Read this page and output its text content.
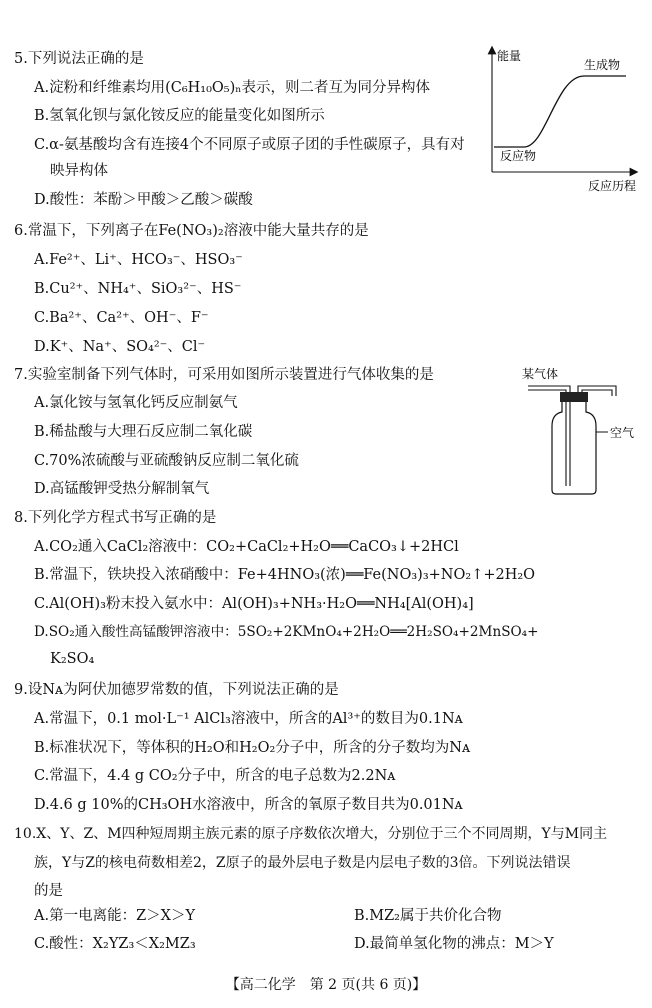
5.下列说法正确的是
A.淀粉和纤维素均用(C₆H₁₀O₅)ₙ表示，则二者互为同分异构体
B.氢氧化钡与氯化铵反应的能量变化如图所示
C.α-氨基酸均含有连接4个不同原子或原子团的手性碳原子，具有对
映异构体
D.酸性：苯酚＞甲酸＞乙酸＞碳酸
能量
生成物
反应物
反应历程
6.常温下，下列离子在Fe(NO₃)₂溶液中能大量共存的是
A.Fe²⁺、Li⁺、HCO₃⁻、HSO₃⁻
B.Cu²⁺、NH₄⁺、SiO₃²⁻、HS⁻
C.Ba²⁺、Ca²⁺、OH⁻、F⁻
D.K⁺、Na⁺、SO₄²⁻、Cl⁻
7.实验室制备下列气体时，可采用如图所示装置进行气体收集的是
A.氯化铵与氢氧化钙反应制氨气
B.稀盐酸与大理石反应制二氧化碳
C.70%浓硫酸与亚硫酸钠反应制二氧化硫
D.高锰酸钾受热分解制氧气
某气体
空气
8.下列化学方程式书写正确的是
A.CO₂通入CaCl₂溶液中：CO₂+CaCl₂+H₂O══CaCO₃↓+2HCl
B.常温下，铁块投入浓硝酸中：Fe+4HNO₃(浓)══Fe(NO₃)₃+NO₂↑+2H₂O
C.Al(OH)₃粉末投入氨水中：Al(OH)₃+NH₃·H₂O══NH₄[Al(OH)₄]
D.SO₂通入酸性高锰酸钾溶液中：5SO₂+2KMnO₄+2H₂O══2H₂SO₄+2MnSO₄+
K₂SO₄
9.设Nᴀ为阿伏加德罗常数的值，下列说法正确的是
A.常温下，0.1 mol·L⁻¹ AlCl₃溶液中，所含的Al³⁺的数目为0.1Nᴀ
B.标准状况下，等体积的H₂O和H₂O₂分子中，所含的分子数均为Nᴀ
C.常温下，4.4 g CO₂分子中，所含的电子总数为2.2Nᴀ
D.4.6 g 10%的CH₃OH水溶液中，所含的氧原子数目共为0.01Nᴀ
10.X、Y、Z、M四种短周期主族元素的原子序数依次增大，分别位于三个不同周期，Y与M同主
族，Y与Z的核电荷数相差2，Z原子的最外层电子数是内层电子数的3倍。下列说法错误
的是
A.第一电离能：Z＞X＞Y	B.MZ₂属于共价化合物
C.酸性：X₂YZ₃＜X₂MZ₃	D.最简单氢化物的沸点：M＞Y
【高二化学　第 2 页(共 6 页)】
